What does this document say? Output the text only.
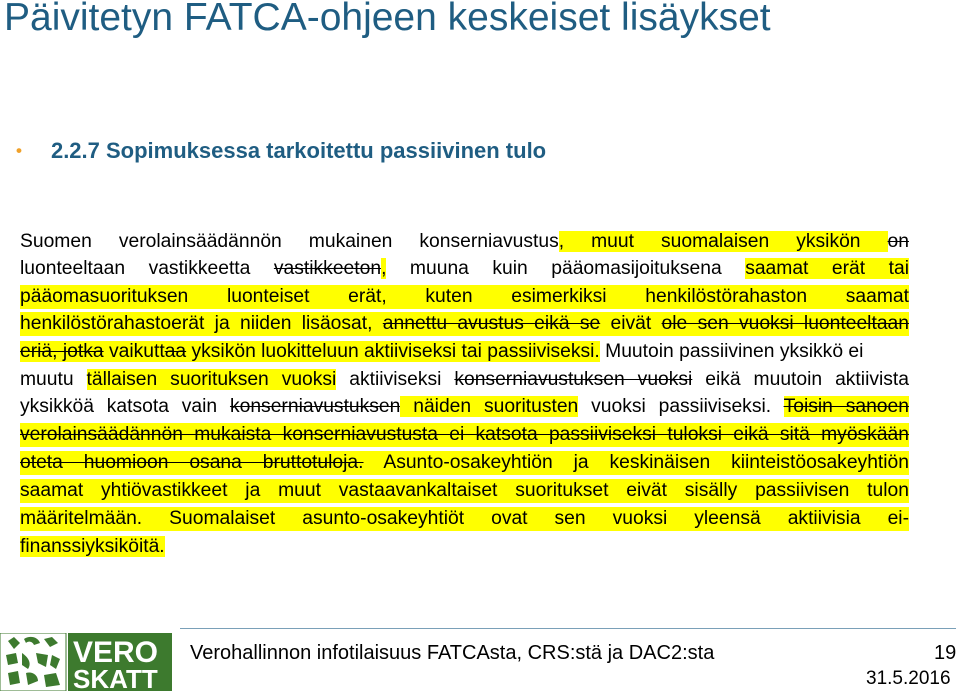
Päivitetyn FATCA-ohjeen keskeiset lisäykset
• 2.2.7 Sopimuksessa tarkoitettu passiivinen tulo
Suomen verolainsäädännön mukainen konserniavustus, muut suomalaisen yksikön on
luonteeltaan vastikkeetta vastikkeeton, muuna kuin pääomasijoituksena saamat erät tai
pääomasuorituksen luonteiset erät, kuten esimerkiksi henkilöstörahaston saamat
henkilöstörahastoerät ja niiden lisäosat, annettu avustus eikä se eivät ole sen vuoksi luonteeltaan
eriä, jotka vaikuttaa yksikön luokitteluun aktiiviseksi tai passiiviseksi. Muutoin passiivinen yksikkö ei
muutu tällaisen suorituksen vuoksi aktiiviseksi konserniavustuksen vuoksi eikä muutoin aktiivista
yksikköä katsota vain konserniavustuksen näiden suoritusten vuoksi passiiviseksi. Toisin sanoen
verolainsäädännön mukaista konserniavustusta ei katsota passiiviseksi tuloksi eikä sitä myöskään
oteta huomioon osana bruttotuloja. Asunto-osakeyhtiön ja keskinäisen kiinteistöosakeyhtiön
saamat yhtiövastikkeet ja muut vastaavankaltaiset suoritukset eivät sisälly passiivisen tulon
määritelmään. Suomalaiset asunto-osakeyhtiöt ovat sen vuoksi yleensä aktiivisia ei-
finanssiyksiköitä.
VERO
SKATT
Verohallinnon infotilaisuus FATCAsta, CRS:stä ja DAC2:sta	19
31.5.2016
